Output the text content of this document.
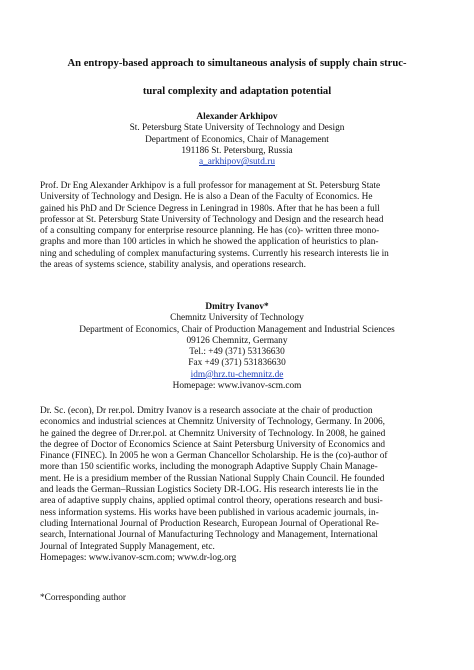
An entropy-based approach to simultaneous analysis of supply chain struc-
tural complexity and adaptation potential
Alexander Arkhipov
St. Petersburg State University of Technology and Design
Department of Economics, Chair of Management
191186 St. Petersburg, Russia
a_arkhipov@sutd.ru
Prof. Dr Eng Alexander Arkhipov is a full professor for management at St. Petersburg State
University of Technology and Design. He is also a Dean of the Faculty of Economics. He
gained his PhD and Dr Science Degress in Leningrad in 1980s. After that he has been a full
professor at St. Petersburg State University of Technology and Design and the research head
of a consulting company for enterprise resource planning. He has (co)- written three mono-
graphs and more than 100 articles in which he showed the application of heuristics to plan-
ning and scheduling of complex manufacturing systems. Currently his research interests lie in
the areas of systems science, stability analysis, and operations research.
Dmitry Ivanov*
Chemnitz University of Technology
Department of Economics, Chair of Production Management and Industrial Sciences
09126 Chemnitz, Germany
Tel.: +49 (371) 53136630
Fax +49 (371) 531836630
idm@hrz.tu-chemnitz.de
Homepage: www.ivanov-scm.com
Dr. Sc. (econ), Dr rer.pol. Dmitry Ivanov is a research associate at the chair of production
economics and industrial sciences at Chemnitz University of Technology, Germany. In 2006,
he gained the degree of Dr.rer.pol. at Chemnitz University of Technology. In 2008, he gained
the degree of Doctor of Economics Science at Saint Petersburg University of Economics and
Finance (FINEC). In 2005 he won a German Chancellor Scholarship. He is the (co)-author of
more than 150 scientific works, including the monograph Adaptive Supply Chain Manage-
ment. He is a presidium member of the Russian National Supply Chain Council. He founded
and leads the German–Russian Logistics Society DR-LOG. His research interests lie in the
area of adaptive supply chains, applied optimal control theory, operations research and busi-
ness information systems. His works have been published in various academic journals, in-
cluding International Journal of Production Research, European Journal of Operational Re-
search, International Journal of Manufacturing Technology and Management, International
Journal of Integrated Supply Management, etc.
Homepages: www.ivanov-scm.com; www.dr-log.org
*Corresponding author
